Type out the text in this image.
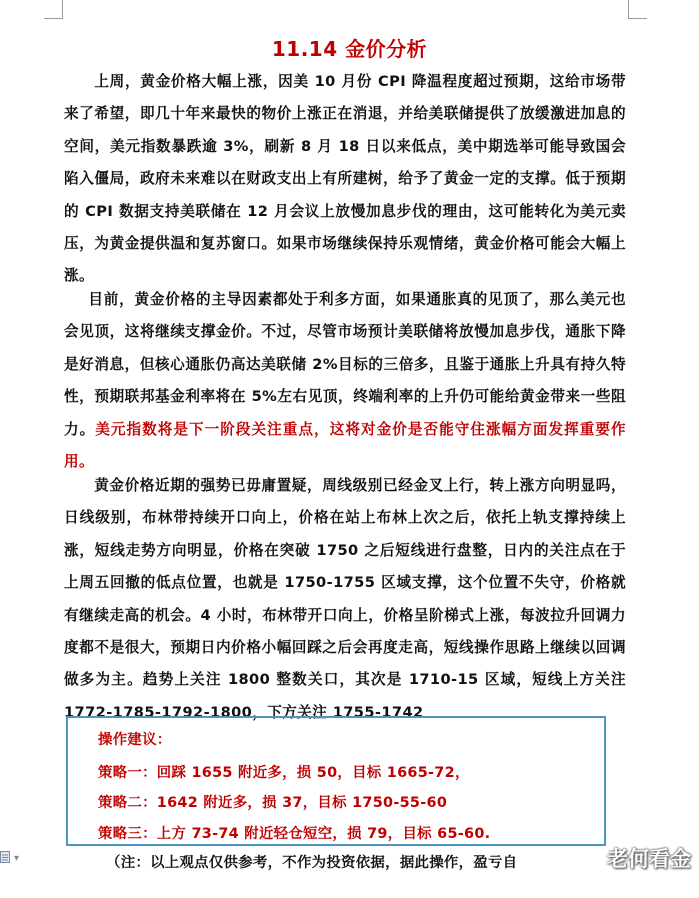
11.14 金价分析
上周，黄金价格大幅上涨，因美 10 月份 CPI 降温程度超过预期，这给市场带来了希望，即几十年来最快的物价上涨正在消退，并给美联储提供了放缓激进加息的空间，美元指数暴跌逾 3%，刷新 8 月 18 日以来低点，美中期选举可能导致国会陷入僵局，政府未来难以在财政支出上有所建树，给予了黄金一定的支撑。低于预期的 CPI 数据支持美联储在 12 月会议上放慢加息步伐的理由，这可能转化为美元卖压，为黄金提供温和复苏窗口。如果市场继续保持乐观情绪，黄金价格可能会大幅上涨。
目前，黄金价格的主导因素都处于利多方面，如果通胀真的见顶了，那么美元也会见顶，这将继续支撑金价。不过，尽管市场预计美联储将放慢加息步伐，通胀下降是好消息，但核心通胀仍高达美联储 2%目标的三倍多，且鉴于通胀上升具有持久特性，预期联邦基金利率将在 5%左右见顶，终端利率的上升仍可能给黄金带来一些阻力。美元指数将是下一阶段关注重点，这将对金价是否能守住涨幅方面发挥重要作用。
黄金价格近期的强势已毋庸置疑，周线级别已经金叉上行，转上涨方向明显吗，日线级别，布林带持续开口向上，价格在站上布林上次之后，依托上轨支撑持续上涨，短线走势方向明显，价格在突破 1750 之后短线进行盘整，日内的关注点在于上周五回撤的低点位置，也就是 1750-1755 区域支撑，这个位置不失守，价格就有继续走高的机会。4 小时，布林带开口向上，价格呈阶梯式上涨，每波拉升回调力度都不是很大，预期日内价格小幅回踩之后会再度走高，短线操作思路上继续以回调做多为主。趋势上关注 1800 整数关口，其次是 1710-15 区域，短线上方关注 1772-1785-1792-1800，下方关注 1755-1742
操作建议：
策略一：回踩 1655 附近多，损 50，目标 1665-72，
策略二：1642 附近多，损 37，目标 1750-55-60
策略三：上方 73-74 附近轻仓短空，损 79，目标 65-60.
（注：以上观点仅供参考，不作为投资依据，据此操作，盈亏自	老何看金
▾
